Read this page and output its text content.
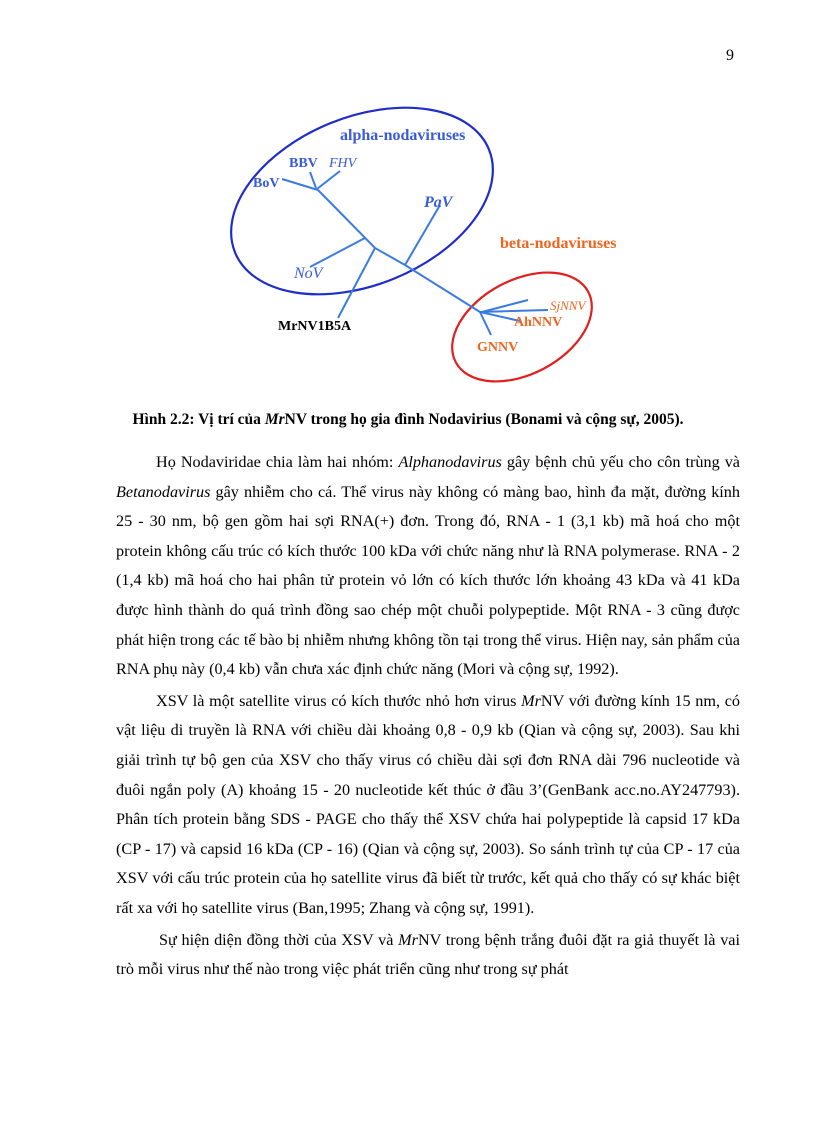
9
alpha-nodaviruses
beta-nodaviruses
BBV FHV
BoV
PaV
NoV
MrNV1B5A
SjNNV
AhNNV
GNNV
Hình 2.2: Vị trí của MrNV trong họ gia đình Nodavirius (Bonami và cộng sự, 2005).

Họ Nodaviridae chia làm hai nhóm: Alphanodavirus gây bệnh chủ yếu cho côn trùng và Betanodavirus gây nhiễm cho cá. Thể virus này không có màng bao, hình đa mặt, đường kính 25 - 30 nm, bộ gen gồm hai sợi RNA(+) đơn. Trong đó, RNA - 1 (3,1 kb) mã hoá cho một protein không cấu trúc có kích thước 100 kDa với chức năng như là RNA polymerase. RNA - 2 (1,4 kb) mã hoá cho hai phân tử protein vỏ lớn có kích thước lớn khoảng 43 kDa và 41 kDa được hình thành do quá trình đồng sao chép một chuỗi polypeptide. Một RNA - 3 cũng được phát hiện trong các tế bào bị nhiễm nhưng không tồn tại trong thể virus. Hiện nay, sản phẩm của RNA phụ này (0,4 kb) vẫn chưa xác định chức năng (Mori và cộng sự, 1992).

XSV là một satellite virus có kích thước nhỏ hơn virus MrNV với đường kính 15 nm, có vật liệu di truyền là RNA với chiều dài khoảng 0,8 - 0,9 kb (Qian và cộng sự, 2003). Sau khi giải trình tự bộ gen của XSV cho thấy virus có chiều dài sợi đơn RNA dài 796 nucleotide và đuôi ngắn poly (A) khoảng 15 - 20 nucleotide kết thúc ở đầu 3’(GenBank acc.no.AY247793). Phân tích protein bằng SDS - PAGE cho thấy thể XSV chứa hai polypeptide là capsid 17 kDa (CP - 17) và capsid 16 kDa (CP - 16) (Qian và cộng sự, 2003). So sánh trình tự của CP - 17 của XSV với cấu trúc protein của họ satellite virus đã biết từ trước, kết quả cho thấy có sự khác biệt rất xa với họ satellite virus (Ban,1995; Zhang và cộng sự, 1991).

Sự hiện diện đồng thời của XSV và MrNV trong bệnh trắng đuôi đặt ra giả thuyết là vai trò mỗi virus như thế nào trong việc phát triển cũng như trong sự phát
